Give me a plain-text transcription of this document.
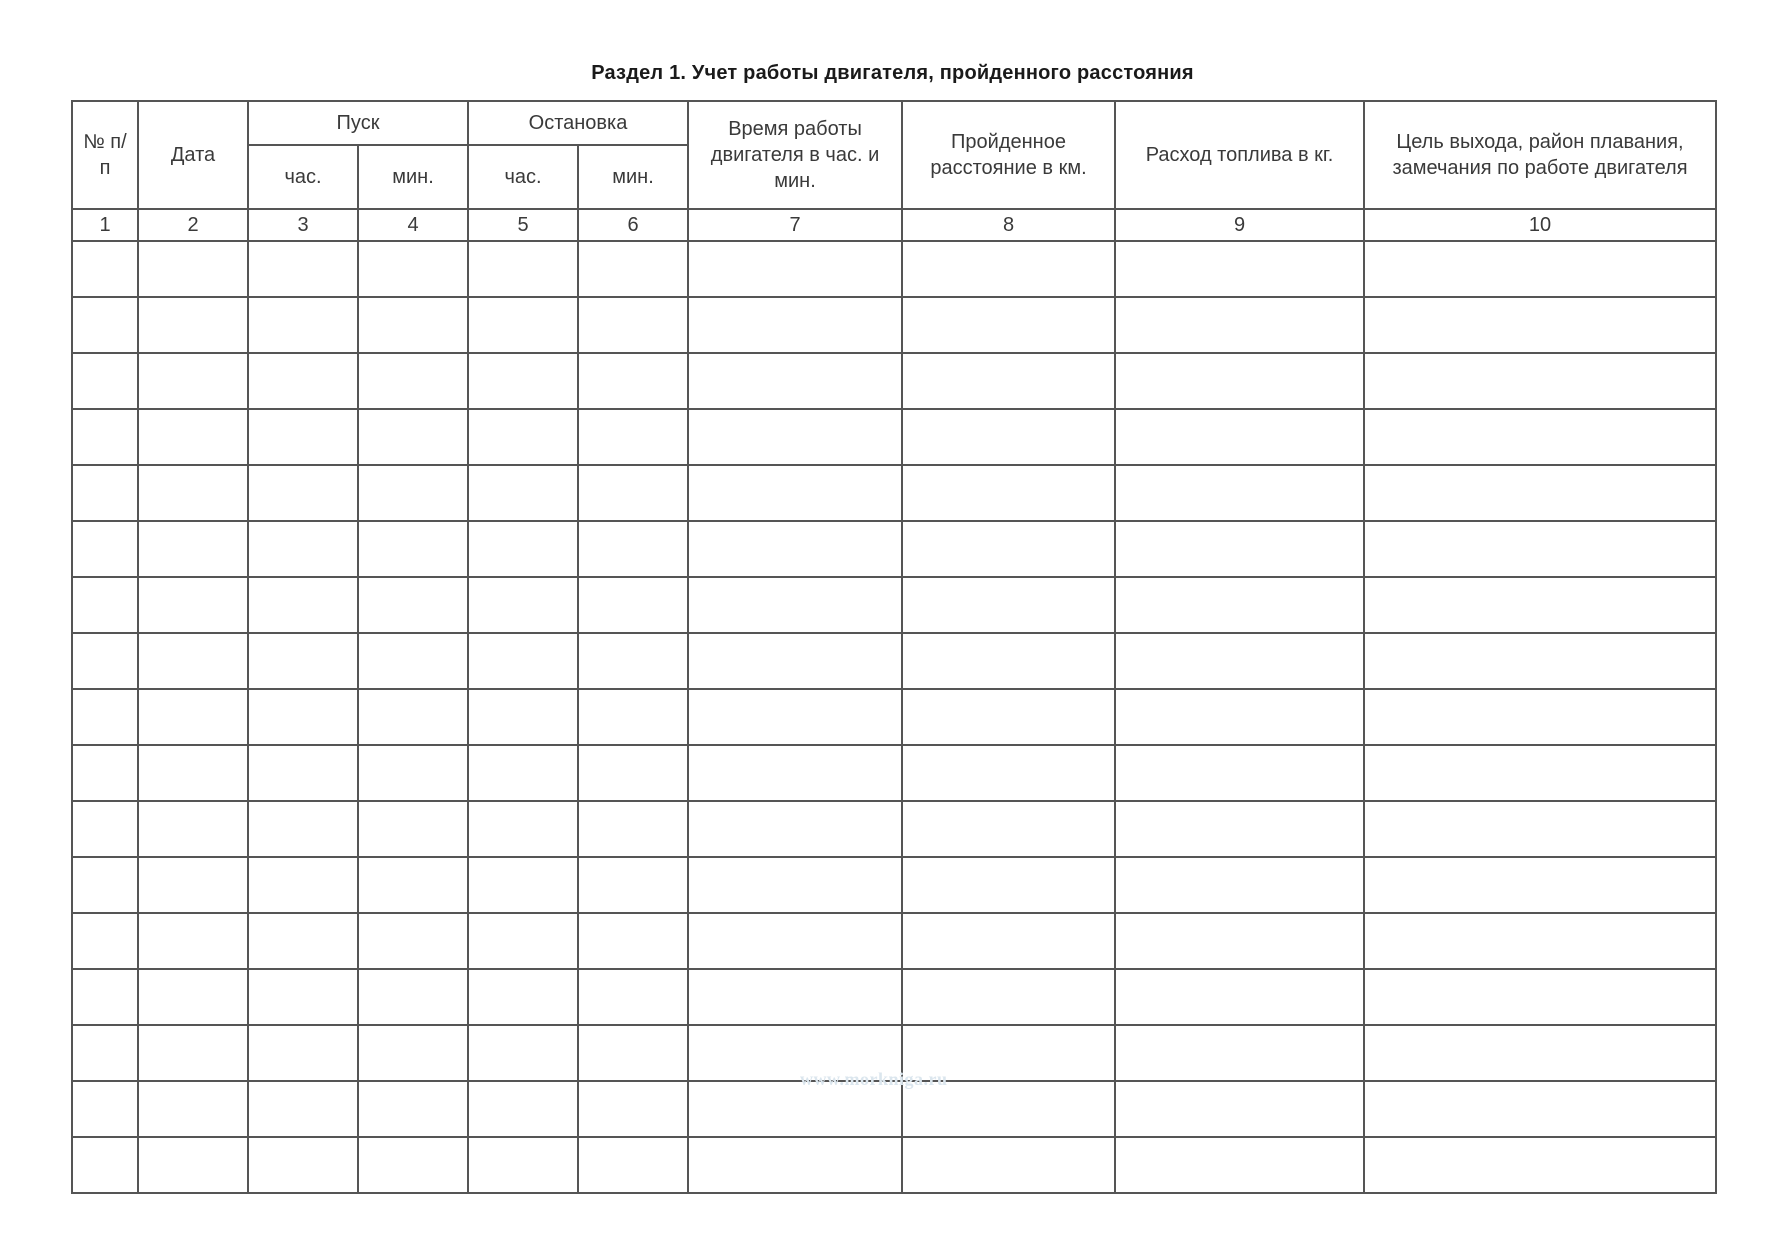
Раздел 1. Учет работы двигателя, пройденного расстояния
№ п/п	Дата	Пуск		Остановка		Время работы двигателя в час. и мин.	Пройденное расстояние в км.	Расход топлива в кг.	Цель выхода, район плавания, замечания по работе двигателя
		час.	мин.	час.	мин.				
1	2	3	4	5	6	7	8	9	10

www.morkniga.ru
